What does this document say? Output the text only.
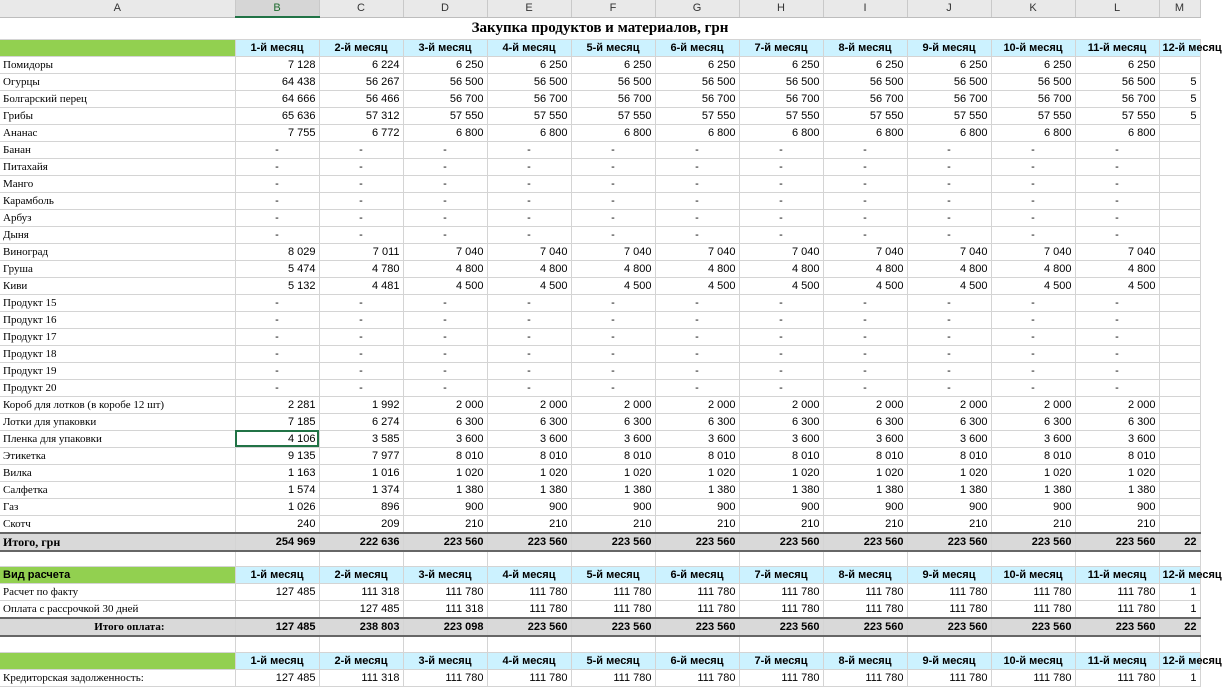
A	B	C	D	E	F	G	H	I	J	K	L	M
Закупка продуктов и материалов, грн												
	1-й месяц	2-й месяц	3-й месяц	4-й месяц	5-й месяц	6-й месяц	7-й месяц	8-й месяц	9-й месяц	10-й месяц	11-й месяц	12-й месяц
Помидоры	7 128	6 224	6 250	6 250	6 250	6 250	6 250	6 250	6 250	6 250	6 250	
Огурцы	64 438	56 267	56 500	56 500	56 500	56 500	56 500	56 500	56 500	56 500	56 500	5
Болгарский перец	64 666	56 466	56 700	56 700	56 700	56 700	56 700	56 700	56 700	56 700	56 700	5
Грибы	65 636	57 312	57 550	57 550	57 550	57 550	57 550	57 550	57 550	57 550	57 550	5
Ананас	7 755	6 772	6 800	6 800	6 800	6 800	6 800	6 800	6 800	6 800	6 800	
Банан	-	-	-	-	-	-	-	-	-	-	-	
Питахайя	-	-	-	-	-	-	-	-	-	-	-	
Манго	-	-	-	-	-	-	-	-	-	-	-	
Карамболь	-	-	-	-	-	-	-	-	-	-	-	
Арбуз	-	-	-	-	-	-	-	-	-	-	-	
Дыня	-	-	-	-	-	-	-	-	-	-	-	
Виноград	8 029	7 011	7 040	7 040	7 040	7 040	7 040	7 040	7 040	7 040	7 040	
Груша	5 474	4 780	4 800	4 800	4 800	4 800	4 800	4 800	4 800	4 800	4 800	
Киви	5 132	4 481	4 500	4 500	4 500	4 500	4 500	4 500	4 500	4 500	4 500	
Продукт 15	-	-	-	-	-	-	-	-	-	-	-	
Продукт 16	-	-	-	-	-	-	-	-	-	-	-	
Продукт 17	-	-	-	-	-	-	-	-	-	-	-	
Продукт 18	-	-	-	-	-	-	-	-	-	-	-	
Продукт 19	-	-	-	-	-	-	-	-	-	-	-	
Продукт 20	-	-	-	-	-	-	-	-	-	-	-	
Короб для лотков (в коробе 12 шт)	2 281	1 992	2 000	2 000	2 000	2 000	2 000	2 000	2 000	2 000	2 000	
Лотки для упаковки	7 185	6 274	6 300	6 300	6 300	6 300	6 300	6 300	6 300	6 300	6 300	
Пленка для упаковки	4 106	3 585	3 600	3 600	3 600	3 600	3 600	3 600	3 600	3 600	3 600	
Этикетка	9 135	7 977	8 010	8 010	8 010	8 010	8 010	8 010	8 010	8 010	8 010	
Вилка	1 163	1 016	1 020	1 020	1 020	1 020	1 020	1 020	1 020	1 020	1 020	
Салфетка	1 574	1 374	1 380	1 380	1 380	1 380	1 380	1 380	1 380	1 380	1 380	
Газ	1 026	896	900	900	900	900	900	900	900	900	900	
Скотч	240	209	210	210	210	210	210	210	210	210	210	
Итого, грн	254 969	222 636	223 560	223 560	223 560	223 560	223 560	223 560	223 560	223 560	223 560	22

Вид расчета	1-й месяц	2-й месяц	3-й месяц	4-й месяц	5-й месяц	6-й месяц	7-й месяц	8-й месяц	9-й месяц	10-й месяц	11-й месяц	12-й месяц
Расчет по факту	127 485	111 318	111 780	111 780	111 780	111 780	111 780	111 780	111 780	111 780	111 780	1
Оплата с рассрочкой 30 дней		127 485	111 318	111 780	111 780	111 780	111 780	111 780	111 780	111 780	111 780	1
Итого оплата:	127 485	238 803	223 098	223 560	223 560	223 560	223 560	223 560	223 560	223 560	223 560	22

	1-й месяц	2-й месяц	3-й месяц	4-й месяц	5-й месяц	6-й месяц	7-й месяц	8-й месяц	9-й месяц	10-й месяц	11-й месяц	12-й месяц
Кредиторская задолженность:	127 485	111 318	111 780	111 780	111 780	111 780	111 780	111 780	111 780	111 780	111 780	1
